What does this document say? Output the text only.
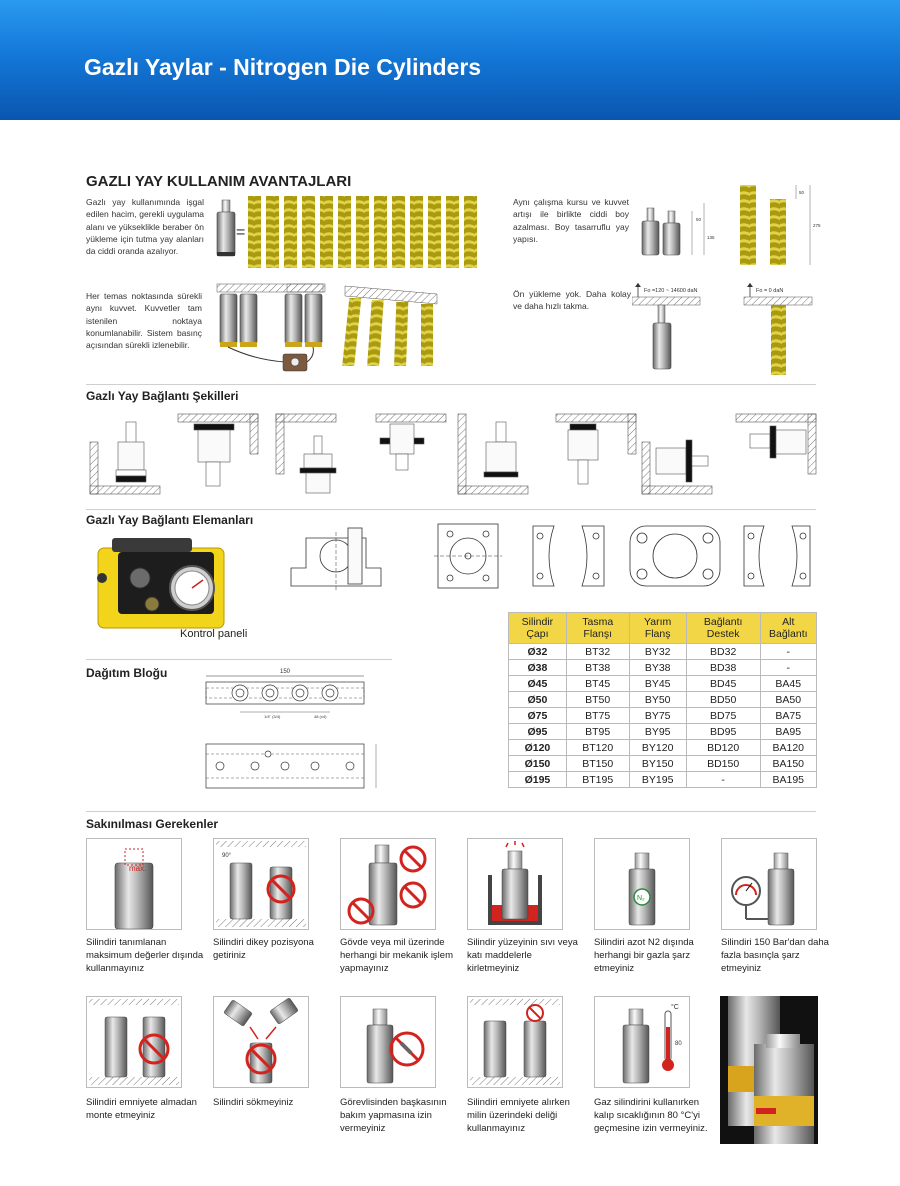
Gazlı Yaylar - Nitrogen Die Cylinders
GAZLI YAY KULLANIM AVANTAJLARI
Gazlı yay kullanımında işgal edilen hacim, gerekli uygulama alanı ve yükseklikle beraber ön yükleme için tutma yay alanları da ciddi oranda azalıyor.
Aynı çalışma kursu ve kuvvet artışı ile birlikte ciddi boy azalması. Boy tasarruflu yay yapısı.
Her temas noktasında sürekli aynı kuvvet. Kuvvetler tam istenilen noktaya konumlanabilir. Sistem basınç açısından sürekli izlenebilir.
Ön yükleme yok. Daha kolay ve daha hızlı takma.
=
50
135
50
275
Fo =120 ~ 14600 daN	Fo = 0 daN
Gazlı Yay Bağlantı Şekilleri
Gazlı Yay Bağlantı Elemanları
Kontrol paneli
Silindir Çapı	Tasma Flanşı	Yarım Flanş	Bağlantı Destek	Alt Bağlantı
Ø32	BT32	BY32	BD32	-
Ø38	BT38	BY38	BD38	-
Ø45	BT45	BY45	BD45	BA45
Ø50	BT50	BY50	BD50	BA50
Ø75	BT75	BY75	BD75	BA75
Ø95	BT95	BY95	BD95	BA95
Ø120	BT120	BY120	BD120	BA120
Ø150	BT150	BY150	BD150	BA150
Ø195	BT195	BY195	-	BA195
Dağıtım Bloğu	150
1/4" (3/4)	48 (x4)
Sakınılması Gerekenler
max.
90°
N₂
Silindiri tanımlanan maksimum değerler dışında kullanmayınız
Silindiri dikey pozisyona getiriniz
Gövde veya mil üzerinde herhangi bir mekanik işlem yapmayınız
Silindir yüzeyinin sıvı veya katı maddelerle kirletmeyiniz
Silindiri azot N2 dışında herhangi bir gazla şarz etmeyiniz
Silindiri 150 Bar'dan daha fazla basınçla şarz etmeyiniz
°C
80
Silindiri emniyete almadan monte etmeyiniz
Silindiri sökmeyiniz	Görevlisinden başkasının bakım yapmasına izin vermeyiniz
Silindiri emniyete alırken milin üzerindeki deliği kullanmayınız
Gaz silindirini kullanırken kalıp sıcaklığının 80 °C'yi geçmesine izin vermeyiniz.
